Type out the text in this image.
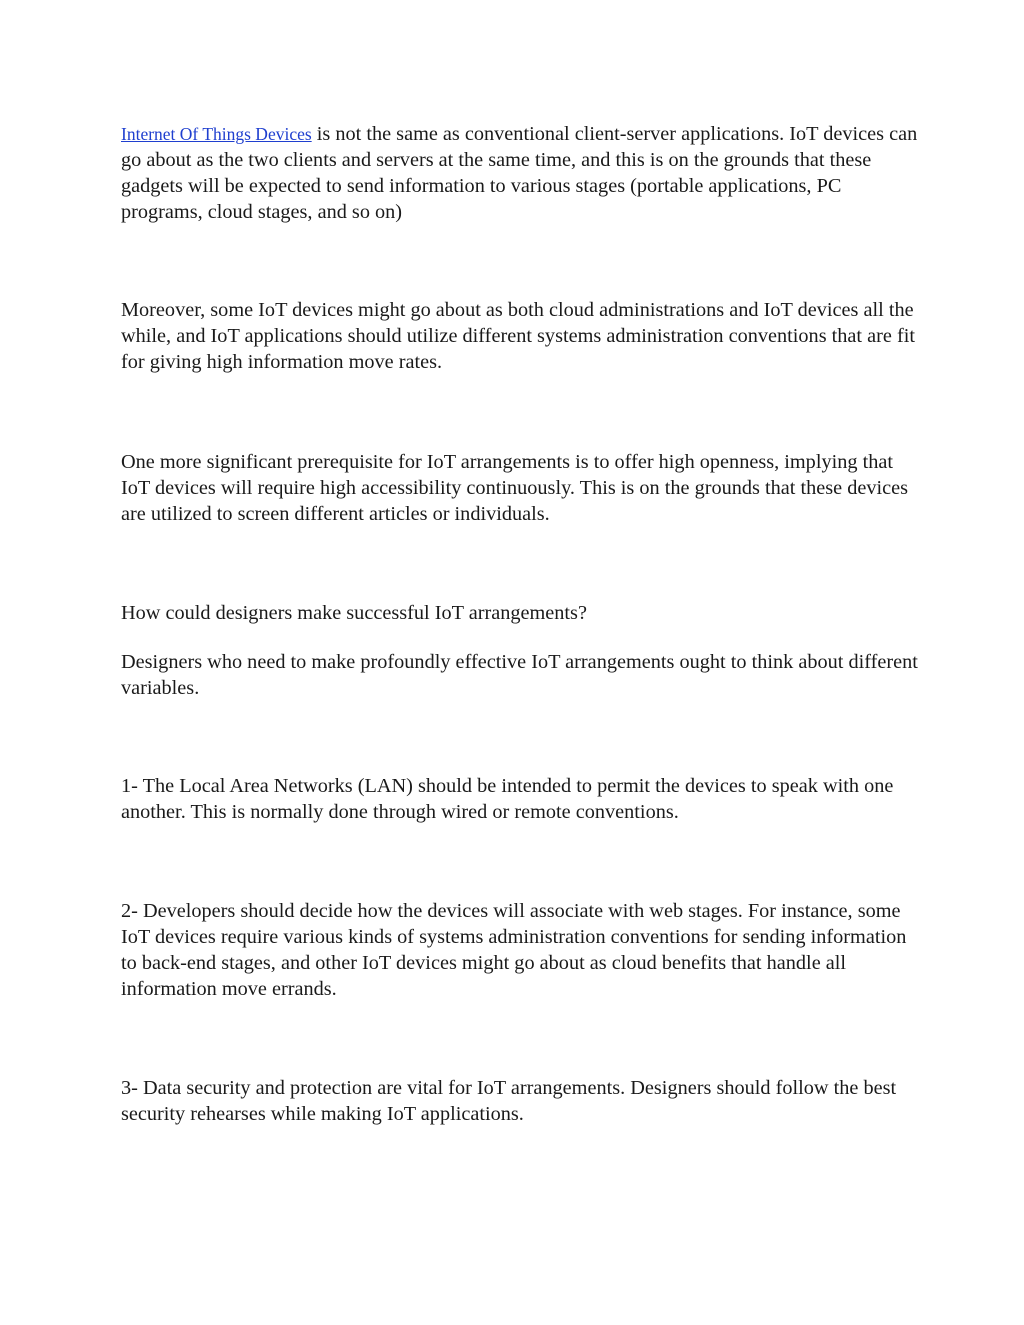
Internet Of Things Devices is not the same as conventional client-server applications. IoT devices can go about as the two clients and servers at the same time, and this is on the grounds that these gadgets will be expected to send information to various stages (portable applications, PC programs, cloud stages, and so on)

Moreover, some IoT devices might go about as both cloud administrations and IoT devices all the while, and IoT applications should utilize different systems administration conventions that are fit for giving high information move rates.

One more significant prerequisite for IoT arrangements is to offer high openness, implying that IoT devices will require high accessibility continuously. This is on the grounds that these devices are utilized to screen different articles or individuals.

How could designers make successful IoT arrangements?

Designers who need to make profoundly effective IoT arrangements ought to think about different variables.

1- The Local Area Networks (LAN) should be intended to permit the devices to speak with one another. This is normally done through wired or remote conventions.

2- Developers should decide how the devices will associate with web stages. For instance, some IoT devices require various kinds of systems administration conventions for sending information to back-end stages, and other IoT devices might go about as cloud benefits that handle all information move errands.

3- Data security and protection are vital for IoT arrangements. Designers should follow the best security rehearses while making IoT applications.
